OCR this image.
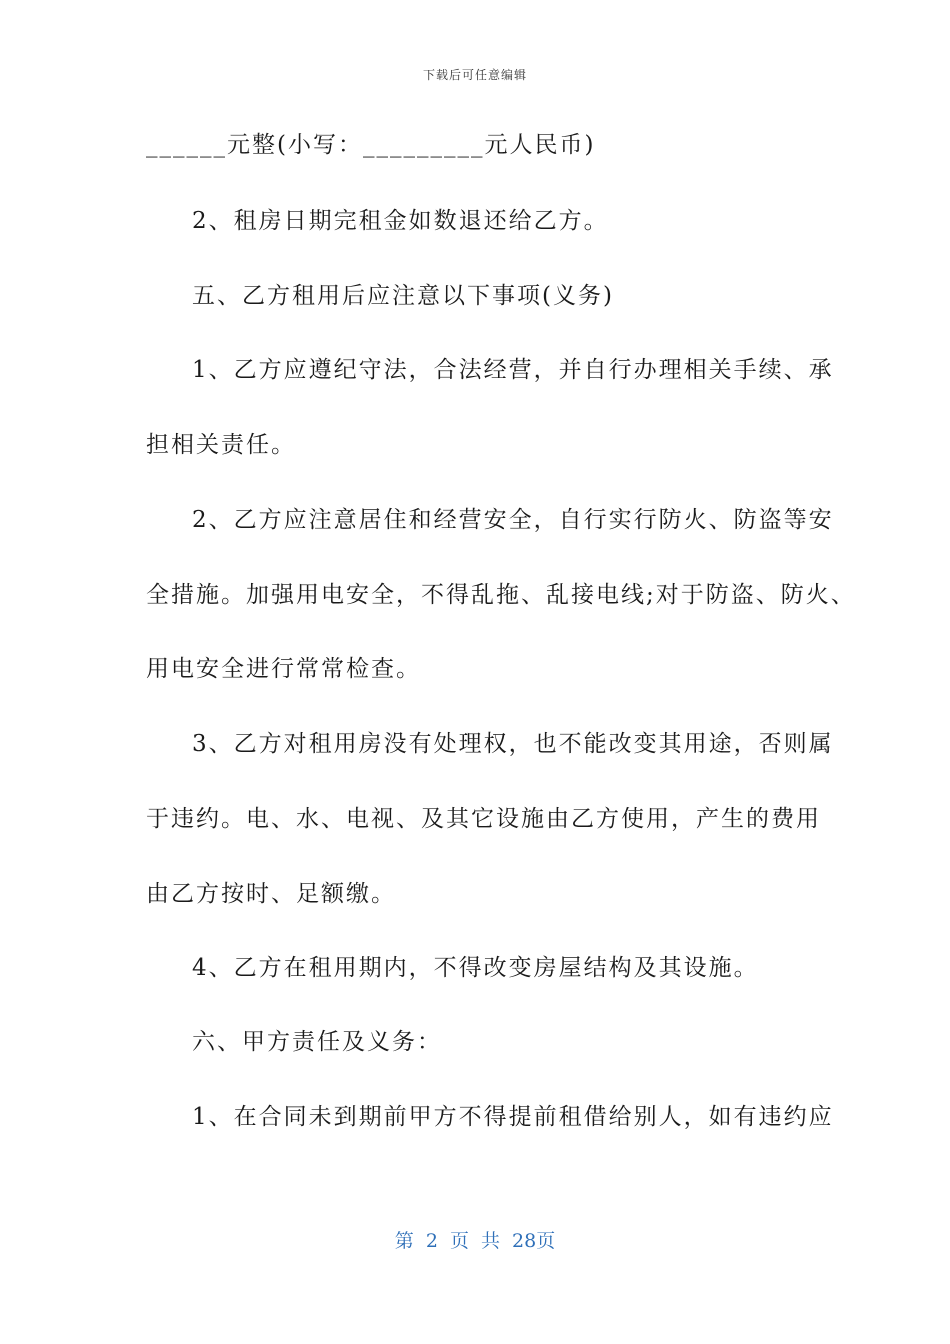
下载后可任意编辑
______元整(小写：_________元人民币)
2、租房日期完租金如数退还给乙方。
五、乙方租用后应注意以下事项(义务)
1、乙方应遵纪守法，合法经营，并自行办理相关手续、承
担相关责任。
2、乙方应注意居住和经营安全，自行实行防火、防盗等安
全措施。加强用电安全，不得乱拖、乱接电线;对于防盗、防火、
用电安全进行常常检查。
3、乙方对租用房没有处理权，也不能改变其用途，否则属
于违约。电、水、电视、及其它设施由乙方使用，产生的费用
由乙方按时、足额缴。
4、乙方在租用期内，不得改变房屋结构及其设施。
六、甲方责任及义务：
1、在合同未到期前甲方不得提前租借给别人，如有违约应
第 2 页 共 28页
